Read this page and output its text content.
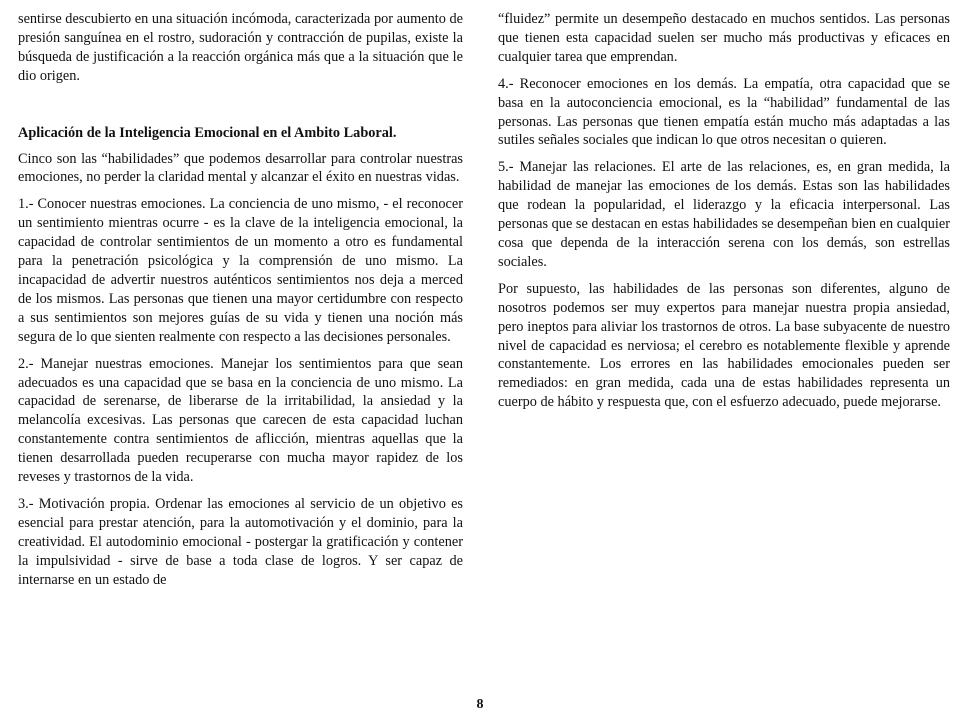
sentirse descubierto en una situación incómoda, caracterizada por aumento de presión sanguínea en el rostro, sudoración y contracción de pupilas, existe la búsqueda de justificación a la reacción orgánica más que a la situación que le dio origen.

Aplicación de la Inteligencia Emocional en el Ambito Laboral.

Cinco son las “habilidades” que podemos desarrollar para controlar nuestras emociones, no perder la claridad mental y alcanzar el éxito en nuestras vidas.

1.- Conocer nuestras emociones. La conciencia de uno mismo, - el reconocer un sentimiento mientras ocurre - es la clave de la inteligencia emocional, la capacidad de controlar sentimientos de un momento a otro es fundamental para la penetración psicológica y la comprensión de uno mismo. La incapacidad de advertir nuestros auténticos sentimientos nos deja a merced de los mismos. Las personas que tienen una mayor certidumbre con respecto a sus sentimientos son mejores guías de su vida y tienen una noción más segura de lo que sienten realmente con respecto a las decisiones personales.

2.- Manejar nuestras emociones. Manejar los sentimientos para que sean adecuados es una capacidad que se basa en la conciencia de uno mismo. La capacidad de serenarse, de liberarse de la irritabilidad, la ansiedad y la melancolía excesivas. Las personas que carecen de esta capacidad luchan constantemente contra sentimientos de aflicción, mientras aquellas que la tienen desarrollada pueden recuperarse con mucha mayor rapidez de los reveses y trastornos de la vida.

3.- Motivación propia. Ordenar las emociones al servicio de un objetivo es esencial para prestar atención, para la automotivación y el dominio, para la creatividad. El autodominio emocional - postergar la gratificación y contener la impulsividad - sirve de base a toda clase de logros. Y ser capaz de internarse en un estado de

“fluidez” permite un desempeño destacado en muchos sentidos. Las personas que tienen esta capacidad suelen ser mucho más productivas y eficaces en cualquier tarea que emprendan.

4.- Reconocer emociones en los demás. La empatía, otra capacidad que se basa en la autoconciencia emocional, es la “habilidad” fundamental de las personas. Las personas que tienen empatía están mucho más adaptadas a las sutiles señales sociales que indican lo que otros necesitan o quieren.

5.- Manejar las relaciones. El arte de las relaciones, es, en gran medida, la habilidad de manejar las emociones de los demás. Estas son las habilidades que rodean la popularidad, el liderazgo y la eficacia interpersonal. Las personas que se destacan en estas habilidades se desempeñan bien en cualquier cosa que dependa de la interacción serena con los demás, son estrellas sociales.

Por supuesto, las habilidades de las personas son diferentes, alguno de nosotros podemos ser muy expertos para manejar nuestra propia ansiedad, pero ineptos para aliviar los trastornos de otros. La base subyacente de nuestro nivel de capacidad es nerviosa; el cerebro es notablemente flexible y aprende constantemente. Los errores en las habilidades emocionales pueden ser remediados: en gran medida, cada una de estas habilidades representa un cuerpo de hábito y respuesta que, con el esfuerzo adecuado, puede mejorarse.

8
